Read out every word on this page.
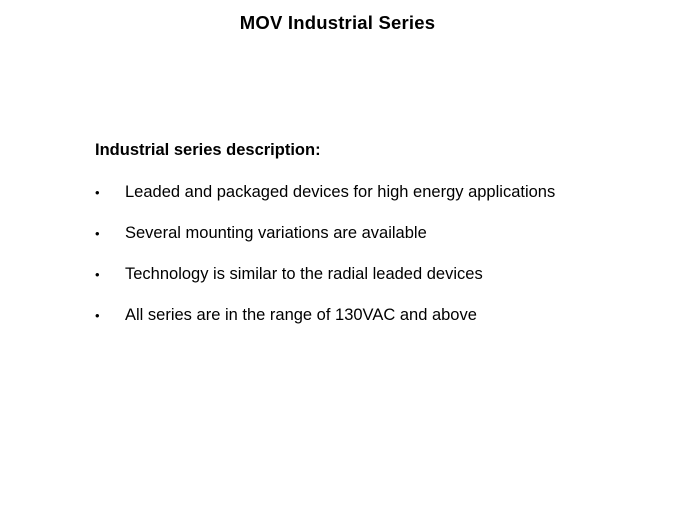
MOV Industrial Series
Industrial series description:
• Leaded and packaged devices for high energy applications
• Several mounting variations are available
• Technology is similar to the radial leaded devices
• All series are in the range of 130VAC and above
